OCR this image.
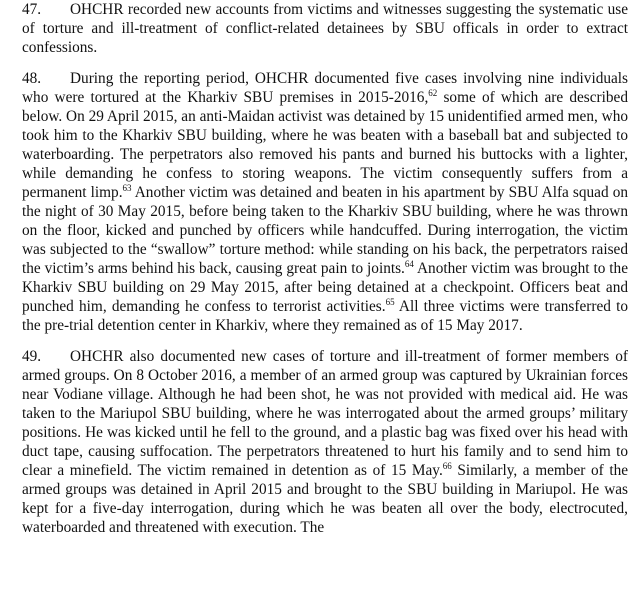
47. OHCHR recorded new accounts from victims and witnesses suggesting the systematic use of torture and ill-treatment of conflict-related detainees by SBU officals in order to extract confessions.

48. During the reporting period, OHCHR documented five cases involving nine individuals who were tortured at the Kharkiv SBU premises in 2015-2016,62 some of which are described below. On 29 April 2015, an anti-Maidan activist was detained by 15 unidentified armed men, who took him to the Kharkiv SBU building, where he was beaten with a baseball bat and subjected to waterboarding. The perpetrators also removed his pants and burned his buttocks with a lighter, while demanding he confess to storing weapons. The victim consequently suffers from a permanent limp.$^{63}$ Another victim was detained and beaten in his apartment by SBU Alfa squad on the night of 30 May 2015, before being taken to the Kharkiv SBU building, where he was thrown on the floor, kicked and punched by officers while handcuffed. During interrogation, the victim was subjected to the “swallow” torture method: while standing on his back, the perpetrators raised the victim’s arms behind his back, causing great pain to joints.$^{64}$ Another victim was brought to the Kharkiv SBU building on 29 May 2015, after being detained at a checkpoint. Officers beat and punched him, demanding he confess to terrorist activities.$^{65}$ All three victims were transferred to the pre-trial detention center in Kharkiv, where they remained as of 15 May 2017.

49. OHCHR also documented new cases of torture and ill-treatment of former members of armed groups. On 8 October 2016, a member of an armed group was captured by Ukrainian forces near Vodiane village. Although he had been shot, he was not provided with medical aid. He was taken to the Mariupol SBU building, where he was interrogated about the armed groups’ military positions. He was kicked until he fell to the ground, and a plastic bag was fixed over his head with duct tape, causing suffocation. The perpetrators threatened to hurt his family and to send him to clear a minefield. The victim remained in detention as of 15 May.$^{66}$ Similarly, a member of the armed groups was detained in April 2015 and brought to the SBU building in Mariupol. He was kept for a five-day interrogation, during which he was beaten all over the body, electrocuted, waterboarded and threatened with execution. The
